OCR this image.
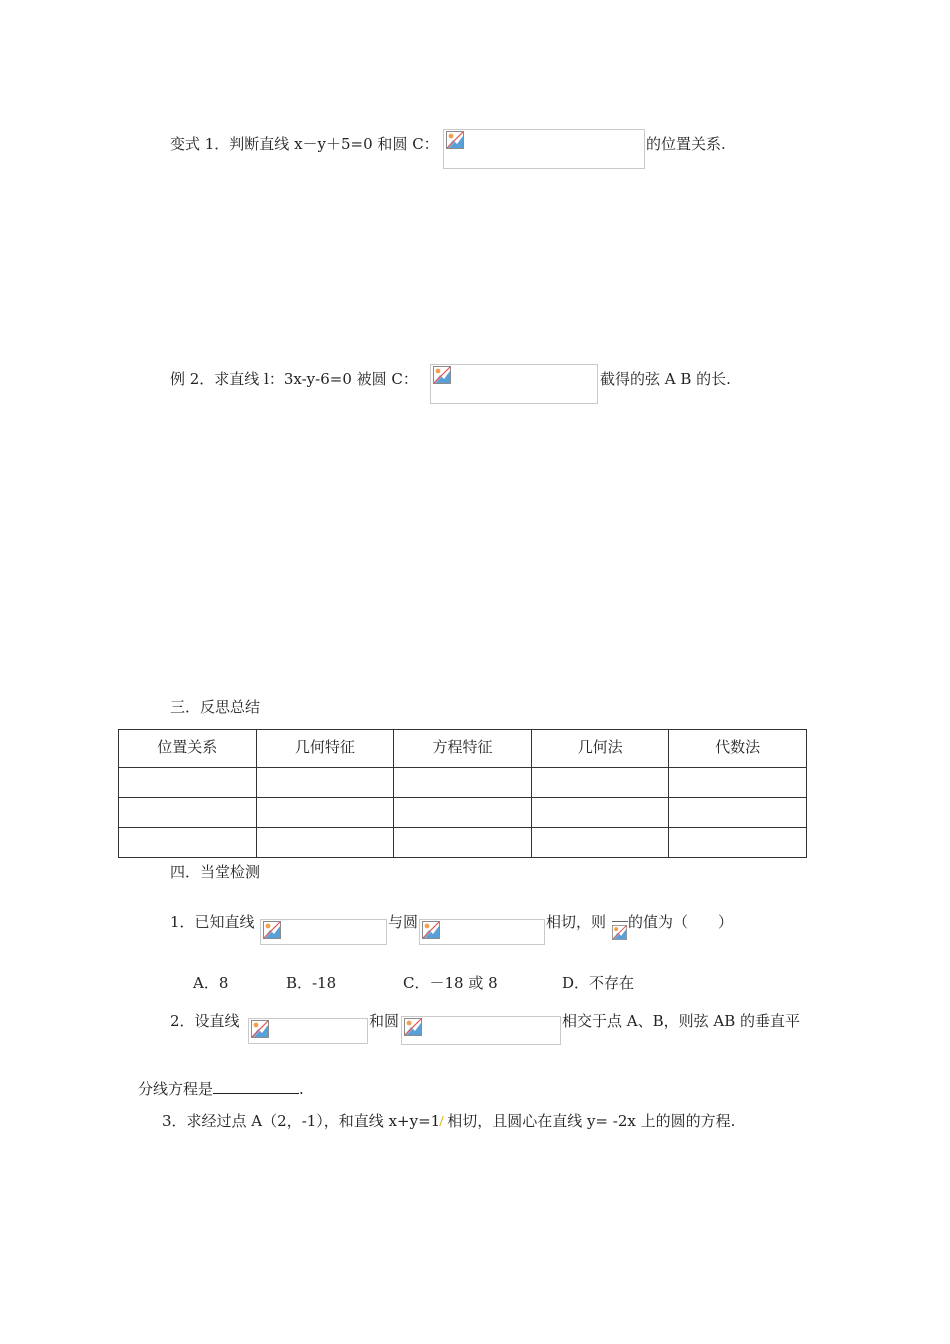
变式 1．判断直线 x－y＋5=0 和圆 C：	的位置关系.
例 2．求直线 l：3x-y-6=0 被圆 C：	截得的弦 A B 的长.
三．反思总结
位置关系	几何特征	方程特征	几何法	代数法

四．当堂检测
1．已知直线	与圆	相切，则 的值为（　　）
A．8	B．-18	C．－18 或 8	D．不存在
2．设直线	和圆	相交于点 A、B，则弦 AB 的垂直平
分线方程是	.
3．求经过点 A（2，-1），和直线 x+y=1 相切，且圆心在直线 y= -2x 上的圆的方程.
